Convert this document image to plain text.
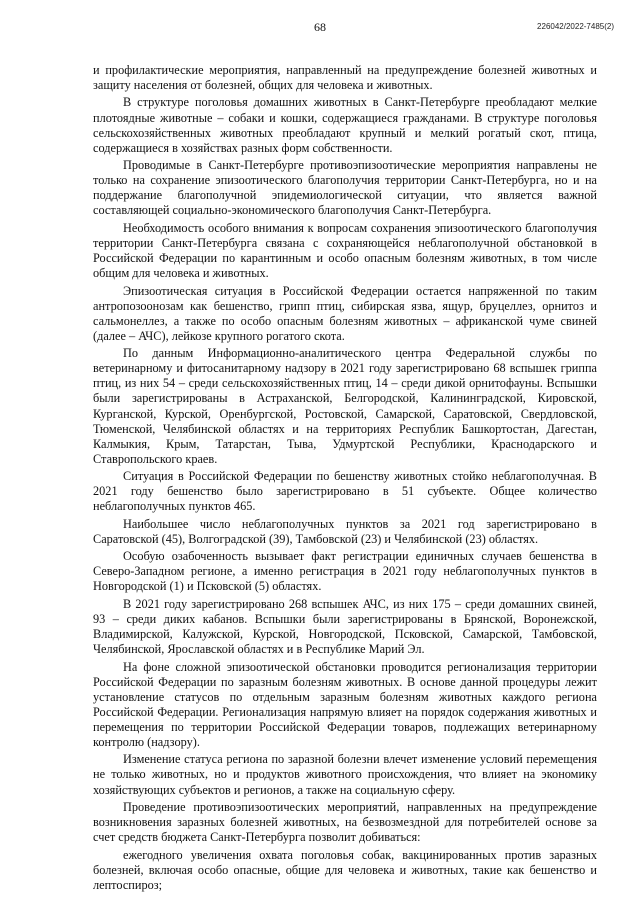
68	226042/2022-7485(2)

и профилактические мероприятия, направленный на предупреждение болезней животных и защиту населения от болезней, общих для человека и животных.

В структуре поголовья домашних животных в Санкт-Петербурге преобладают мелкие плотоядные животные – собаки и кошки, содержащиеся гражданами. В структуре поголовья сельскохозяйственных животных преобладают крупный и мелкий рогатый скот, птица, содержащиеся в хозяйствах разных форм собственности.

Проводимые в Санкт-Петербурге противоэпизоотические мероприятия направлены не только на сохранение эпизоотического благополучия территории Санкт-Петербурга, но и на поддержание благополучной эпидемиологической ситуации, что является важной составляющей социально-экономического благополучия Санкт-Петербурга.

Необходимость особого внимания к вопросам сохранения эпизоотического благополучия территории Санкт-Петербурга связана с сохраняющейся неблагополучной обстановкой в Российской Федерации по карантинным и особо опасным болезням животных, в том числе общим для человека и животных.

Эпизоотическая ситуация в Российской Федерации остается напряженной по таким антропозоонозам как бешенство, грипп птиц, сибирская язва, ящур, бруцеллез, орнитоз и сальмонеллез, а также по особо опасным болезням животных – африканской чуме свиней (далее – АЧС), лейкозе крупного рогатого скота.

По данным Информационно-аналитического центра Федеральной службы по ветеринарному и фитосанитарному надзору в 2021 году зарегистрировано 68 вспышек гриппа птиц, из них 54 – среди сельскохозяйственных птиц, 14 – среди дикой орнитофауны. Вспышки были зарегистрированы в Астраханской, Белгородской, Калининградской, Кировской, Курганской, Курской, Оренбургской, Ростовской, Самарской, Саратовской, Свердловской, Тюменской, Челябинской областях и на территориях Республик Башкортостан, Дагестан, Калмыкия, Крым, Татарстан, Тыва, Удмуртской Республики, Краснодарского и Ставропольского краев.

Ситуация в Российской Федерации по бешенству животных стойко неблагополучная. В 2021 году бешенство было зарегистрировано в 51 субъекте. Общее количество неблагополучных пунктов 465.

Наибольшее число неблагополучных пунктов за 2021 год зарегистрировано в Саратовской (45), Волгоградской (39), Тамбовской (23) и Челябинской (23) областях.

Особую озабоченность вызывает факт регистрации единичных случаев бешенства в Северо-Западном регионе, а именно регистрация в 2021 году неблагополучных пунктов в Новгородской (1) и Псковской (5) областях.

В 2021 году зарегистрировано 268 вспышек АЧС, из них 175 – среди домашних свиней, 93 – среди диких кабанов. Вспышки были зарегистрированы в Брянской, Воронежской, Владимирской, Калужской, Курской, Новгородской, Псковской, Самарской, Тамбовской, Челябинской, Ярославской областях и в Республике Марий Эл.

На фоне сложной эпизоотической обстановки проводится регионализация территории Российской Федерации по заразным болезням животных. В основе данной процедуры лежит установление статусов по отдельным заразным болезням животных каждого региона Российской Федерации. Регионализация напрямую влияет на порядок содержания животных и перемещения по территории Российской Федерации товаров, подлежащих ветеринарному контролю (надзору).

Изменение статуса региона по заразной болезни влечет изменение условий перемещения не только животных, но и продуктов животного происхождения, что влияет на экономику хозяйствующих субъектов и регионов, а также на социальную сферу.

Проведение противоэпизоотических мероприятий, направленных на предупреждение возникновения заразных болезней животных, на безвозмездной для потребителей основе за счет средств бюджета Санкт-Петербурга позволит добиваться:

ежегодного увеличения охвата поголовья собак, вакцинированных против заразных болезней, включая особо опасные, общие для человека и животных, такие как бешенство и лептоспироз;
